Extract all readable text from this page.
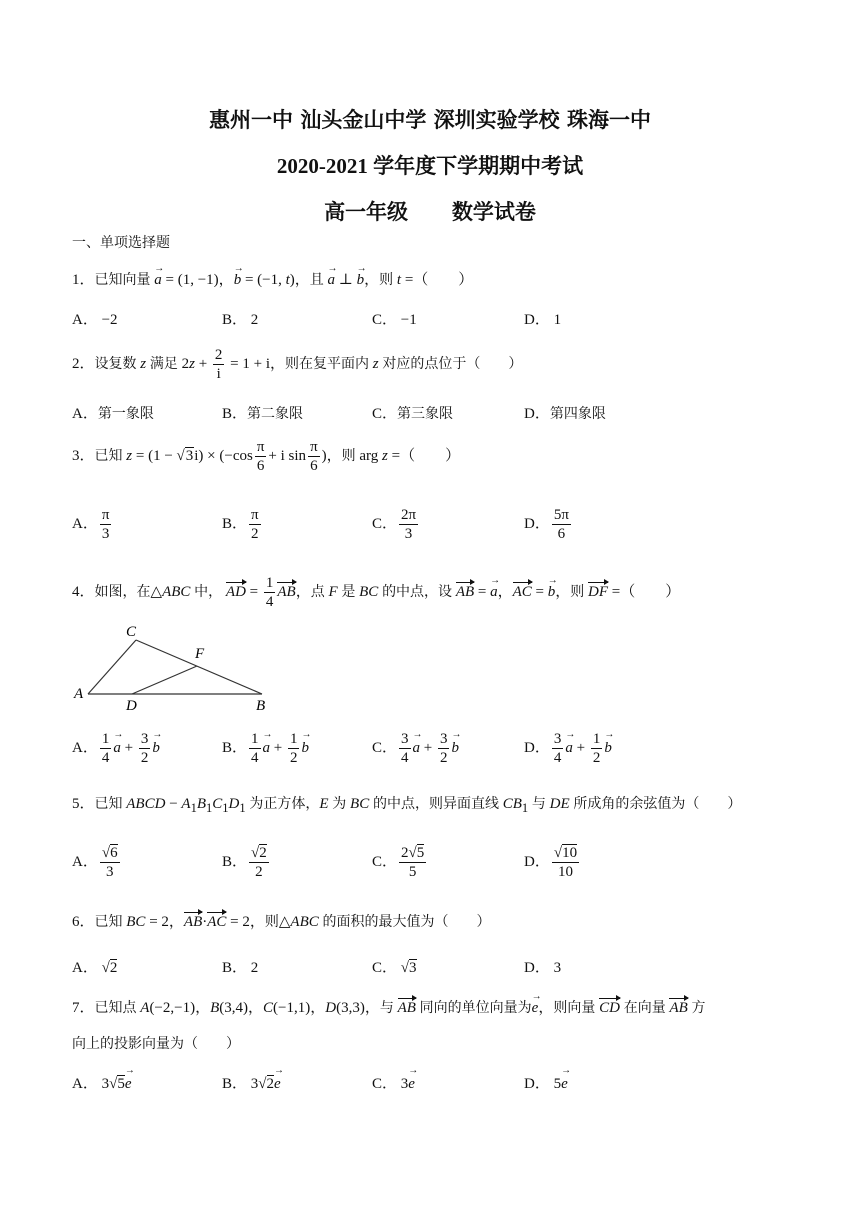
惠州一中 汕头金山中学 深圳实验学校 珠海一中
2020-2021 学年度下学期期中考试
高一年级      数学试卷
一、单项选择题
1．已知向量 → a = (1, −1)，→ b = (−1, t)，且 → a ⊥ → b，则 t =（　　）
A． −2	B． 2	C． −1	D． 1
2．设复数 z 满足 $2z + \frac{2}{i} = 1 + i$，则在复平面内 z 对应的点位于（　　）
A．第一象限	B．第二象限	C．第三象限	D．第四象限
3．已知 $z = (1 - √3i) \times (-\cos \frac{\pi}{6} + i$ $\sin \frac{\pi}{6}$ )，则 arg z =（　　）
A． $\frac{\pi}{3}$	B． $\frac{\pi}{2}$	C． $\frac{2\pi}{3}$	D． $\frac{5\pi}{6}$
4．如图，在△ABC 中， AD = $\frac{1}{4}$ AB，点 F 是 BC 的中点，设 AB = → a，AC = → b，则 DF =（　　）
C
F
A
D	B
A． $\frac{1}{4}$
→ $a + \frac{3}{2}$
→ b	B． $\frac{1}{4}$
→ $a + \frac{1}{2}$
→ b	C． $\frac{3}{4}$
→ $a + \frac{3}{2}$
→ b	D． $\frac{3}{4}$
→ $a + \frac{1}{2}$
→ b
5．已知 ABCD − $A_1B_1C_1D_1$ 为正方体，E 为 BC 的中点，则异面直线 $CB_1$ 与 DE 所成角的余弦值为（　　）
A． $\frac{√6}{3}$	B． $\frac{√2}{2}$	C． $\frac{2√5}{5}$	D． $\frac{√10}{10}$
6．已知 BC = 2，AB·AC = 2，则△ABC 的面积的最大值为（　　）
A． √2	B． 2	C． √3	D． 3
7．已知点 A(−2,−1)，B(3,4)，C(−1,1)，D(3,3)，与 AB 同向的单位向量为→ e，则向量 CD 在向量 AB 方
向上的投影向量为（　　）
A． 3√5→ e	B． 3√2→ e	C． 3→ e	D． 5→ e
